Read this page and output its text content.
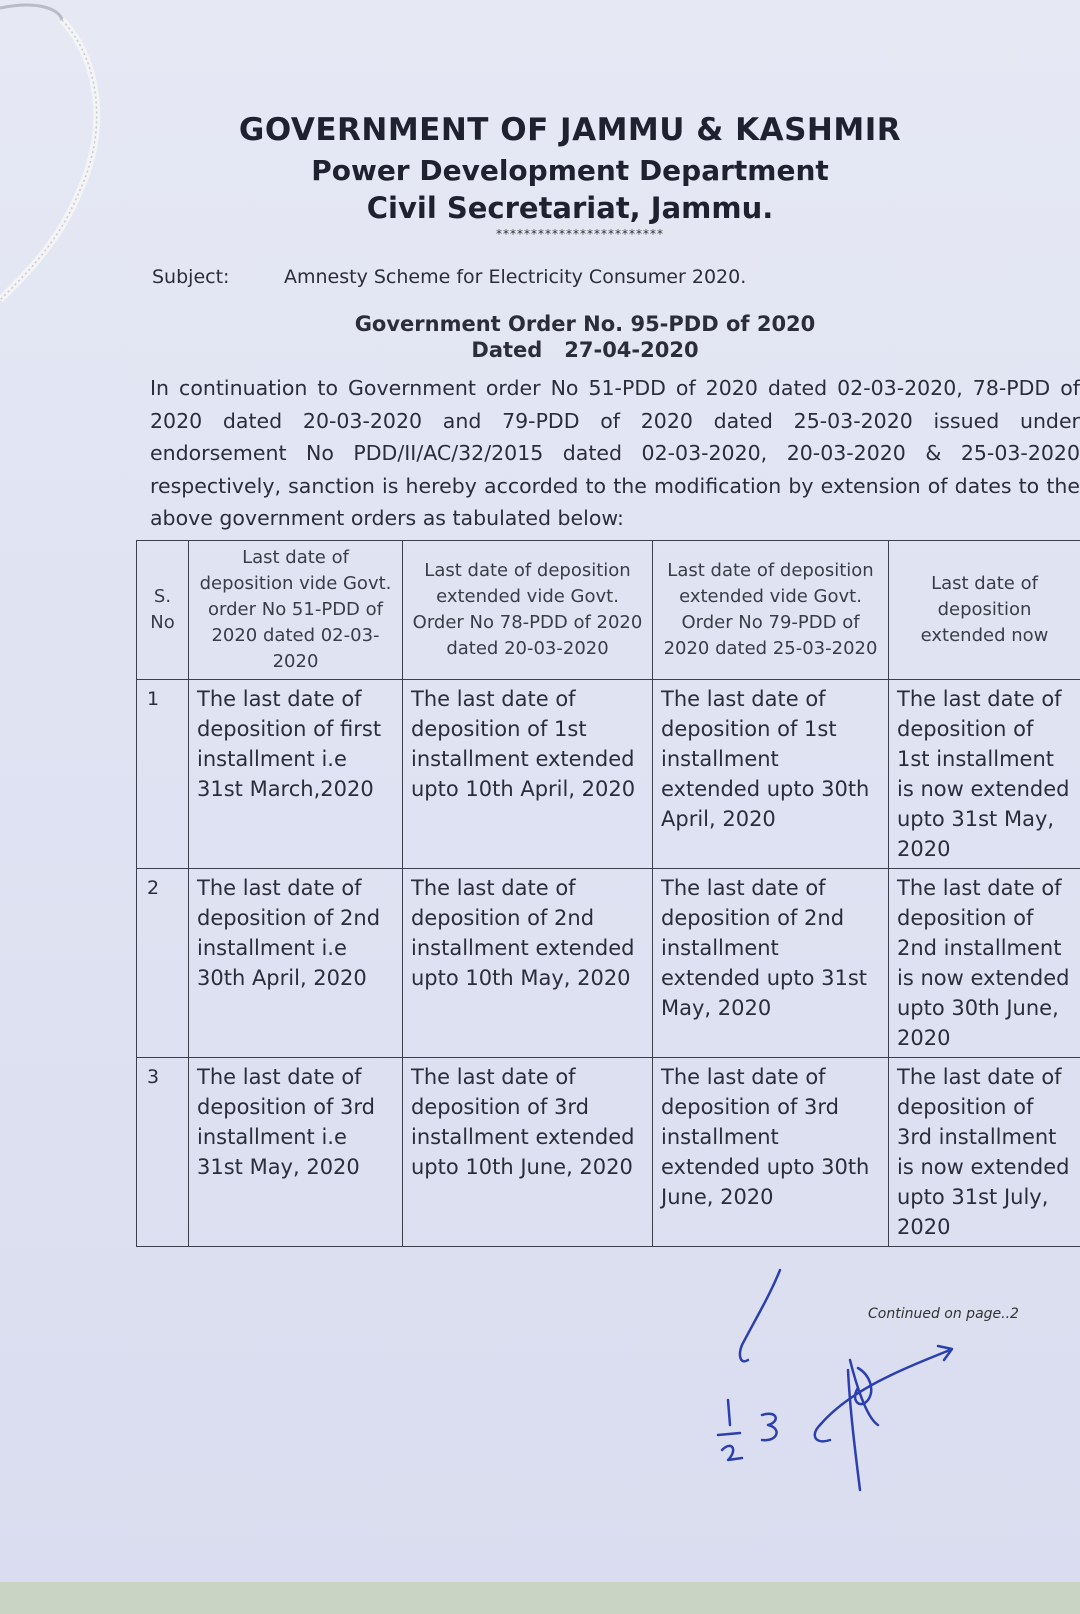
GOVERNMENT OF JAMMU & KASHMIR
Power Development Department
Civil Secretariat, Jammu.
************************
Subject:	Amnesty Scheme for Electricity Consumer 2020.
Government Order No. 95-PDD of 2020
Dated   27-04-2020
In continuation to Government order No 51-PDD of 2020 dated 02-03-2020, 78-PDD of 2020 dated 20-03-2020 and 79-PDD of 2020 dated 25-03-2020 issued under endorsement No PDD/II/AC/32/2015 dated 02-03-2020, 20-03-2020 & 25-03-2020 respectively, sanction is hereby accorded to the modification by extension of dates to the above government orders as tabulated below:
S. No	Last date of deposition vide Govt. order No 51-PDD of 2020 dated 02-03-2020	Last date of deposition extended vide Govt. Order No 78-PDD of 2020 dated 20-03-2020	Last date of deposition extended vide Govt. Order No 79-PDD of 2020 dated 25-03-2020	Last date of deposition extended now
1	The last date of deposition of first installment i.e 31st March,2020	The last date of deposition of 1st installment extended upto 10th April, 2020	The last date of deposition of 1st installment extended upto 30th April, 2020	The last date of deposition of 1st installment is now extended upto 31st May, 2020
2	The last date of deposition of 2nd installment i.e 30th April, 2020	The last date of deposition of 2nd installment extended upto 10th May, 2020	The last date of deposition of 2nd installment extended upto 31st May, 2020	The last date of deposition of 2nd installment is now extended upto 30th June, 2020
3	The last date of deposition of 3rd installment i.e 31st May, 2020	The last date of deposition of 3rd installment extended upto 10th June, 2020	The last date of deposition of 3rd installment extended upto 30th June, 2020	The last date of deposition of 3rd installment is now extended upto 31st July, 2020
Continued on page..2
